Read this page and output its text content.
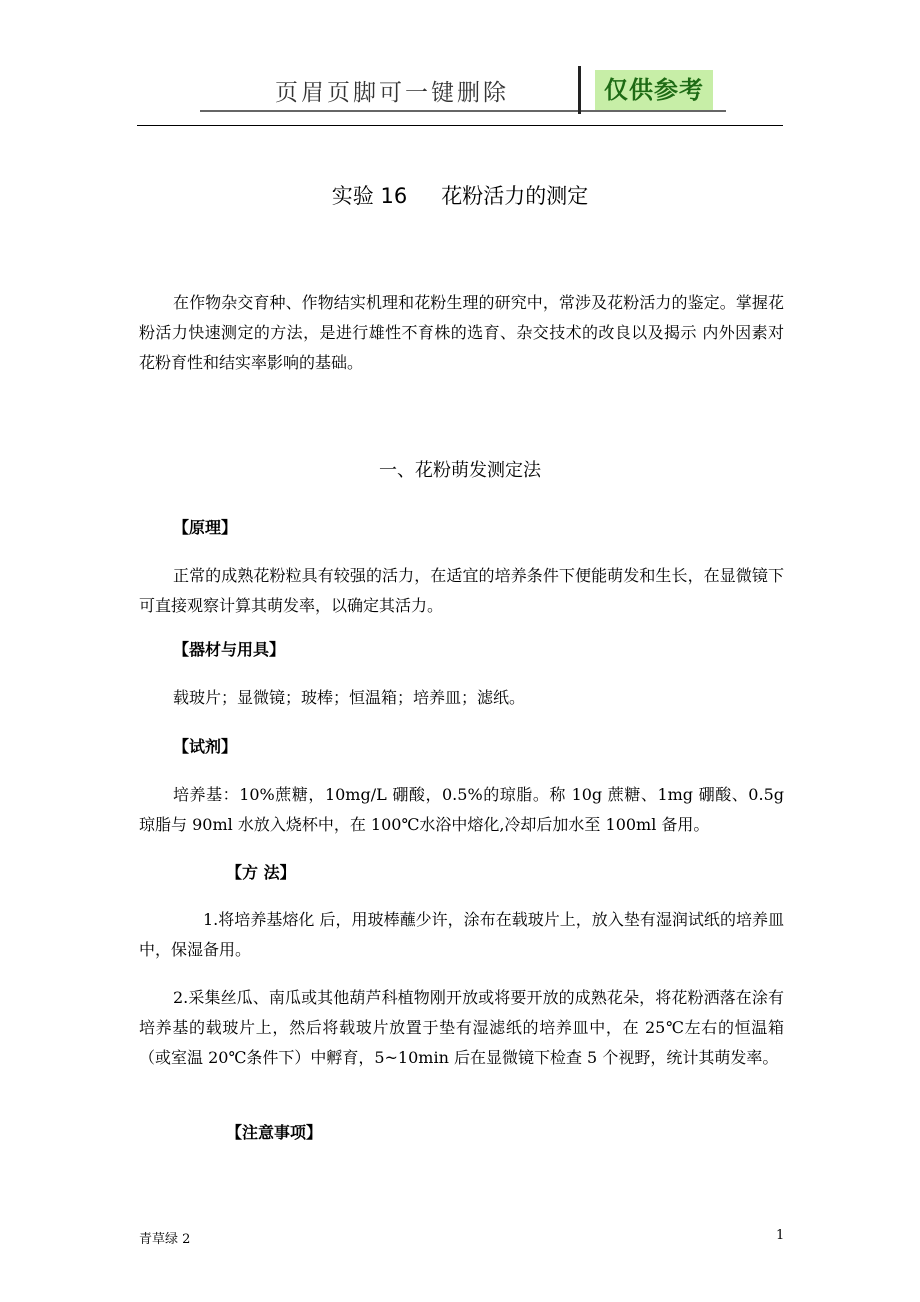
页眉页脚可一键删除	仅供参考
实验 16 花粉活力的测定
在作物杂交育种、作物结实机理和花粉生理的研究中，常涉及花粉活力的鉴定。掌握花粉活力快速测定的方法，是进行雄性不育株的选育、杂交技术的改良以及揭示 内外因素对花粉育性和结实率影响的基础。
一、花粉萌发测定法
【原理】
正常的成熟花粉粒具有较强的活力，在适宜的培养条件下便能萌发和生长，在显微镜下可直接观察计算其萌发率，以确定其活力。
【器材与用具】
载玻片；显微镜；玻棒；恒温箱；培养皿；滤纸。
【试剂】
培养基：10%蔗糖，10mg/L 硼酸，0.5%的琼脂。称 10g 蔗糖、1mg 硼酸、0.5g 琼脂与 90ml 水放入烧杯中，在 100℃水浴中熔化,冷却后加水至 100ml 备用。
【方 法】
1.将培养基熔化 后，用玻棒蘸少许，涂布在载玻片上，放入垫有湿润试纸的培养皿中，保湿备用。
2.采集丝瓜、南瓜或其他葫芦科植物刚开放或将要开放的成熟花朵，将花粉洒落在涂有培养基的载玻片上，然后将载玻片放置于垫有湿滤纸的培养皿中，在 25℃左右的恒温箱（或室温 20℃条件下）中孵育，5~10min 后在显微镜下检查 5 个视野，统计其萌发率。
【注意事项】
青草绿 2	1
